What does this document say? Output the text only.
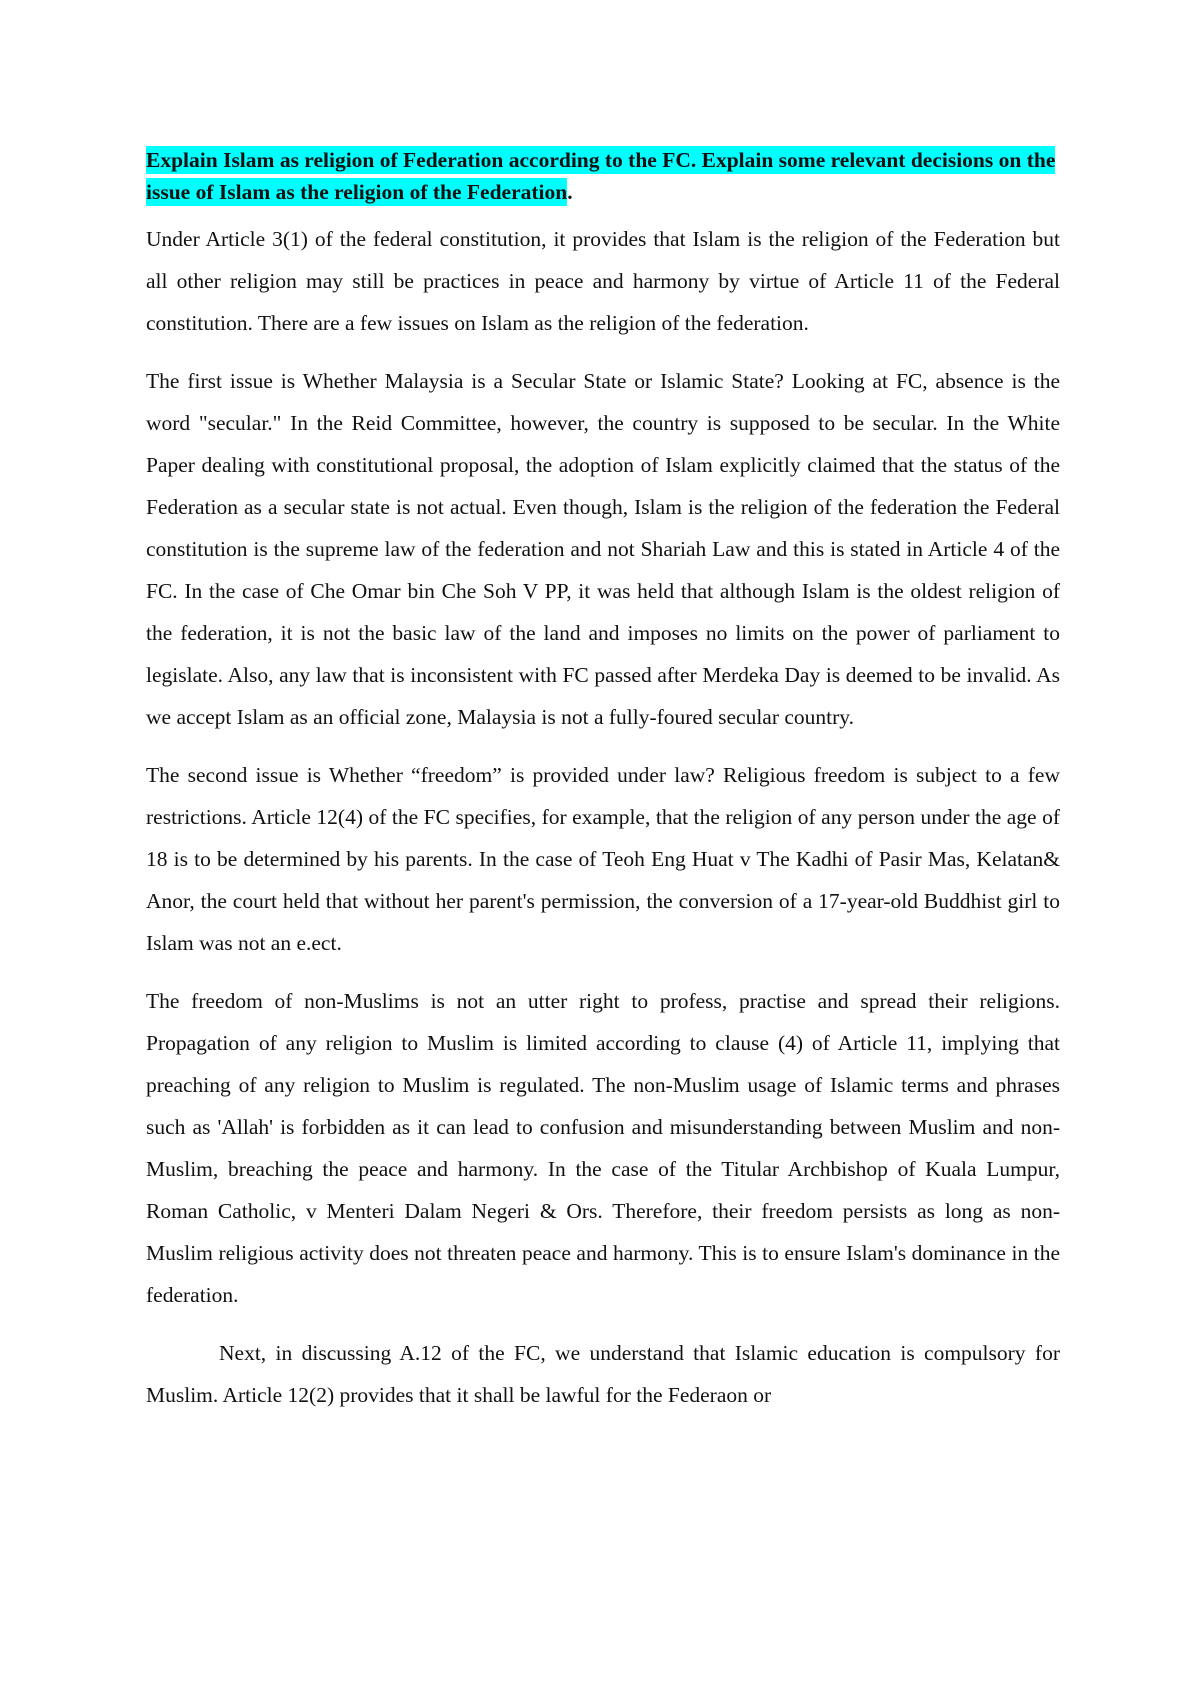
Explain Islam as religion of Federation according to the FC. Explain some relevant decisions on the issue of Islam as the religion of the Federation.

Under Article 3(1) of the federal constitution, it provides that Islam is the religion of the Federation but all other religion may still be practices in peace and harmony by virtue of Article 11 of the Federal constitution. There are a few issues on Islam as the religion of the federation.

The first issue is Whether Malaysia is a Secular State or Islamic State? Looking at FC, absence is the word "secular." In the Reid Committee, however, the country is supposed to be secular. In the White Paper dealing with constitutional proposal, the adoption of Islam explicitly claimed that the status of the Federation as a secular state is not actual. Even though, Islam is the religion of the federation the Federal constitution is the supreme law of the federation and not Shariah Law and this is stated in Article 4 of the FC. In the case of Che Omar bin Che Soh V PP, it was held that although Islam is the oldest religion of the federation, it is not the basic law of the land and imposes no limits on the power of parliament to legislate. Also, any law that is inconsistent with FC passed after Merdeka Day is deemed to be invalid. As we accept Islam as an official zone, Malaysia is not a fully-foured secular country.

The second issue is Whether “freedom” is provided under law? Religious freedom is subject to a few restrictions. Article 12(4) of the FC specifies, for example, that the religion of any person under the age of 18 is to be determined by his parents. In the case of Teoh Eng Huat v The Kadhi of Pasir Mas, Kelatan& Anor, the court held that without her parent's permission, the conversion of a 17-year-old Buddhist girl to Islam was not an e.ect.

The freedom of non-Muslims is not an utter right to profess, practise and spread their religions. Propagation of any religion to Muslim is limited according to clause (4) of Article 11, implying that preaching of any religion to Muslim is regulated. The non-Muslim usage of Islamic terms and phrases such as 'Allah' is forbidden as it can lead to confusion and misunderstanding between Muslim and non- Muslim, breaching the peace and harmony. In the case of the Titular Archbishop of Kuala Lumpur, Roman Catholic, v Menteri Dalam Negeri & Ors. Therefore, their freedom persists as long as non-Muslim religious activity does not threaten peace and harmony. This is to ensure Islam's dominance in the federation.

Next, in discussing A.12 of the FC, we understand that Islamic education is compulsory for Muslim. Article 12(2) provides that it shall be lawful for the Federaon or
